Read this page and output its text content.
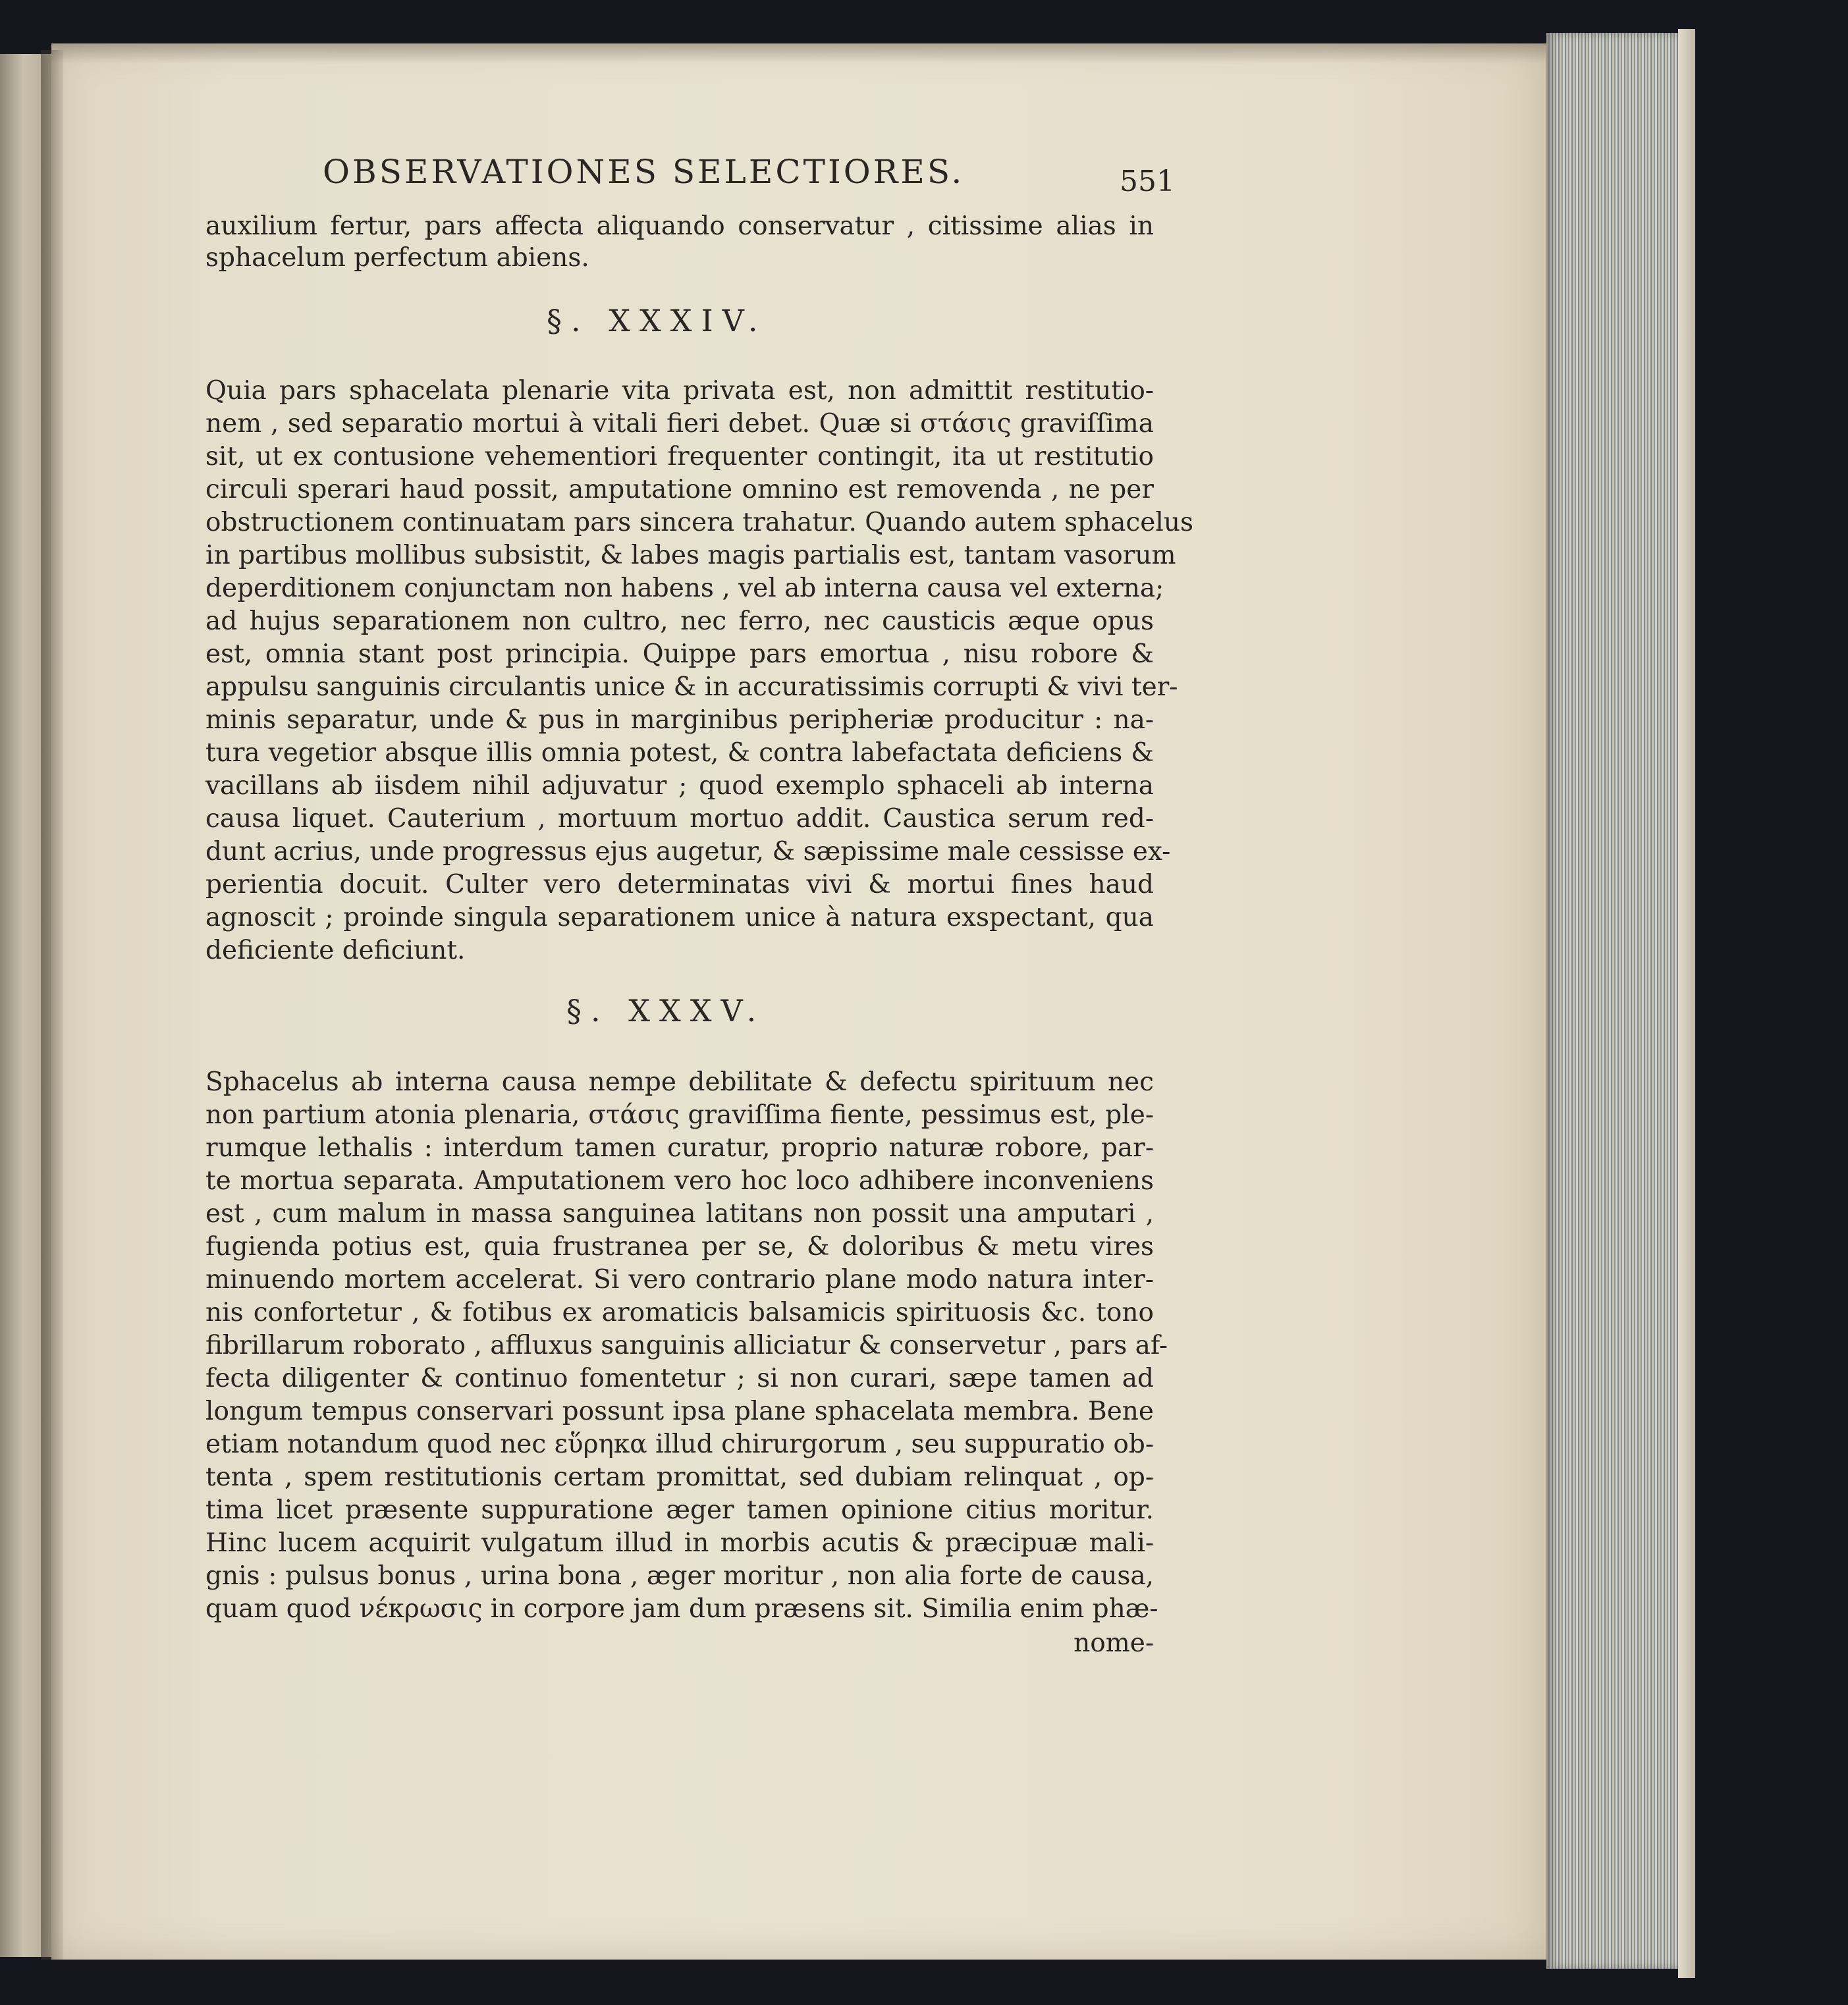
OBSERVATIONES SELECTIORES.	551
auxilium fertur, pars affecta aliquando conservatur , citissime alias in
sphacelum perfectum abiens.
§. XXXIV.
Quia pars sphacelata plenarie vita privata est, non admittit restitutio-
nem , sed separatio mortui à vitali fieri debet. Quæ si στάσις graviſſima
sit, ut ex contusione vehementiori frequenter contingit, ita ut restitutio
circuli sperari haud possit, amputatione omnino est removenda , ne per
obstructionem continuatam pars sincera trahatur. Quando autem sphacelus
in partibus mollibus subsistit, & labes magis partialis est, tantam vasorum
deperditionem conjunctam non habens , vel ab interna causa vel externa;
ad hujus separationem non cultro, nec ferro, nec causticis æque opus
est, omnia stant post principia. Quippe pars emortua , nisu robore &
appulsu sanguinis circulantis unice & in accuratissimis corrupti & vivi ter-
minis separatur, unde & pus in marginibus peripheriæ producitur : na-
tura vegetior absque illis omnia potest, & contra labefactata deficiens &
vacillans ab iisdem nihil adjuvatur ; quod exemplo sphaceli ab interna
causa liquet. Cauterium , mortuum mortuo addit. Caustica serum red-
dunt acrius, unde progressus ejus augetur, & sæpissime male cessisse ex-
perientia docuit. Culter vero determinatas vivi & mortui fines haud
agnoscit ; proinde singula separationem unice à natura exspectant, qua
deficiente deficiunt.
§. XXXV.
Sphacelus ab interna causa nempe debilitate & defectu spirituum nec
non partium atonia plenaria, στάσις graviſſima fiente, pessimus est, ple-
rumque lethalis : interdum tamen curatur, proprio naturæ robore, par-
te mortua separata. Amputationem vero hoc loco adhibere inconveniens
est , cum malum in massa sanguinea latitans non possit una amputari ,
fugienda potius est, quia frustranea per se, & doloribus & metu vires
minuendo mortem accelerat. Si vero contrario plane modo natura inter-
nis confortetur , & fotibus ex aromaticis balsamicis spirituosis &c. tono
fibrillarum roborato , affluxus sanguinis alliciatur & conservetur , pars af-
fecta diligenter & continuo fomentetur ; si non curari, sæpe tamen ad
longum tempus conservari possunt ipsa plane sphacelata membra. Bene
etiam notandum quod nec εὕρηκα illud chirurgorum , seu suppuratio ob-
tenta , spem restitutionis certam promittat, sed dubiam relinquat , op-
tima licet præsente suppuratione æger tamen opinione citius moritur.
Hinc lucem acquirit vulgatum illud in morbis acutis & præcipuæ mali-
gnis : pulsus bonus , urina bona , æger moritur , non alia forte de causa,
quam quod νέκρωσις in corpore jam dum præsens sit. Similia enim phæ-
nome-
